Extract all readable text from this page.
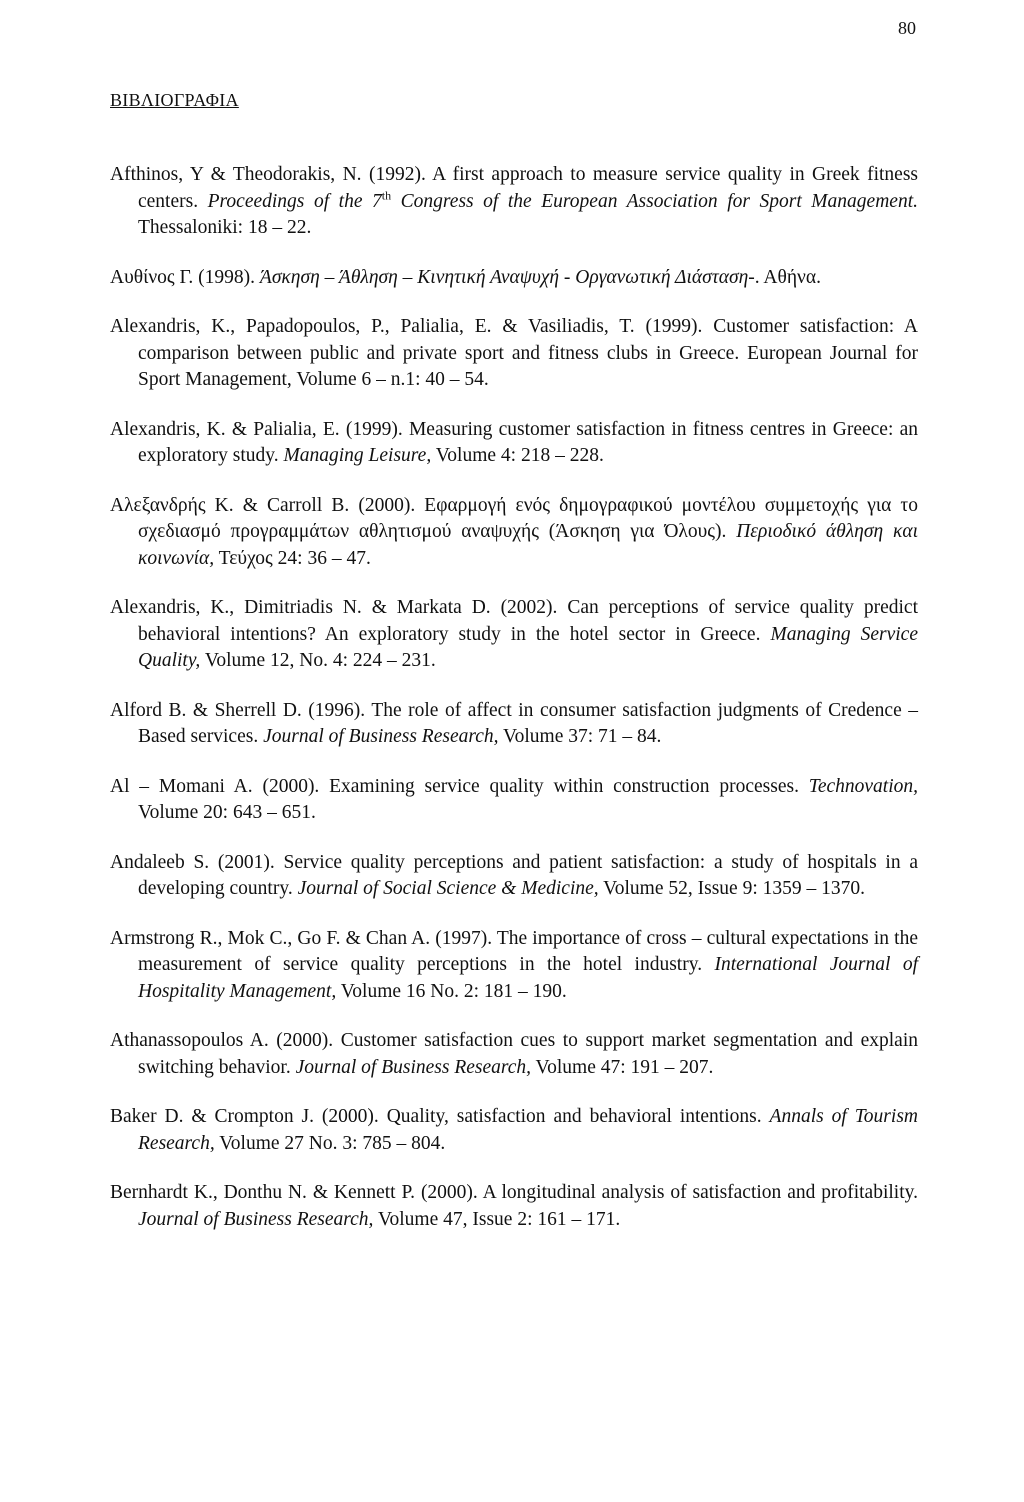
80
ΒΙΒΛΙΟΓΡΑΦΙΑ

Afthinos, Y & Theodorakis, N. (1992). A first approach to measure service quality in Greek fitness centers. Proceedings of the 7th Congress of the European Association for Sport Management. Thessaloniki: 18 – 22.

Αυθίνος Γ. (1998). Άσκηση – Άθληση – Κινητική Αναψυχή - Οργανωτική Διάσταση-. Αθήνα.

Alexandris, K., Papadopoulos, P., Palialia, E. & Vasiliadis, T. (1999). Customer satisfaction: A comparison between public and private sport and fitness clubs in Greece. European Journal for Sport Management, Volume 6 – n.1: 40 – 54.

Alexandris, K. & Palialia, E. (1999). Measuring customer satisfaction in fitness centres in Greece: an exploratory study. Managing Leisure, Volume 4: 218 – 228.

Αλεξανδρής Κ. & Carroll B. (2000). Εφαρμογή ενός δημογραφικού μοντέλου συμμετοχής για το σχεδιασμό προγραμμάτων αθλητισμού αναψυχής (Άσκηση για Όλους). Περιοδικό άθληση και κοινωνία, Τεύχος 24: 36 – 47.

Alexandris, K., Dimitriadis N. & Markata D. (2002). Can perceptions of service quality predict behavioral intentions? An exploratory study in the hotel sector in Greece. Managing Service Quality, Volume 12, No. 4: 224 – 231.

Alford B. & Sherrell D. (1996). The role of affect in consumer satisfaction judgments of Credence – Based services. Journal of Business Research, Volume 37: 71 – 84.

Al – Momani A. (2000). Examining service quality within construction processes. Technovation, Volume 20: 643 – 651.

Andaleeb S. (2001). Service quality perceptions and patient satisfaction: a study of hospitals in a developing country. Journal of Social Science & Medicine, Volume 52, Issue 9: 1359 – 1370.

Armstrong R., Mok C., Go F. & Chan A. (1997). The importance of cross – cultural expectations in the measurement of service quality perceptions in the hotel industry. International Journal of Hospitality Management, Volume 16 No. 2: 181 – 190.

Athanassopoulos A. (2000). Customer satisfaction cues to support market segmentation and explain switching behavior. Journal of Business Research, Volume 47: 191 – 207.

Baker D. & Crompton J. (2000). Quality, satisfaction and behavioral intentions. Annals of Tourism Research, Volume 27 No. 3: 785 – 804.

Bernhardt K., Donthu N. & Kennett P. (2000). A longitudinal analysis of satisfaction and profitability. Journal of Business Research, Volume 47, Issue 2: 161 – 171.
